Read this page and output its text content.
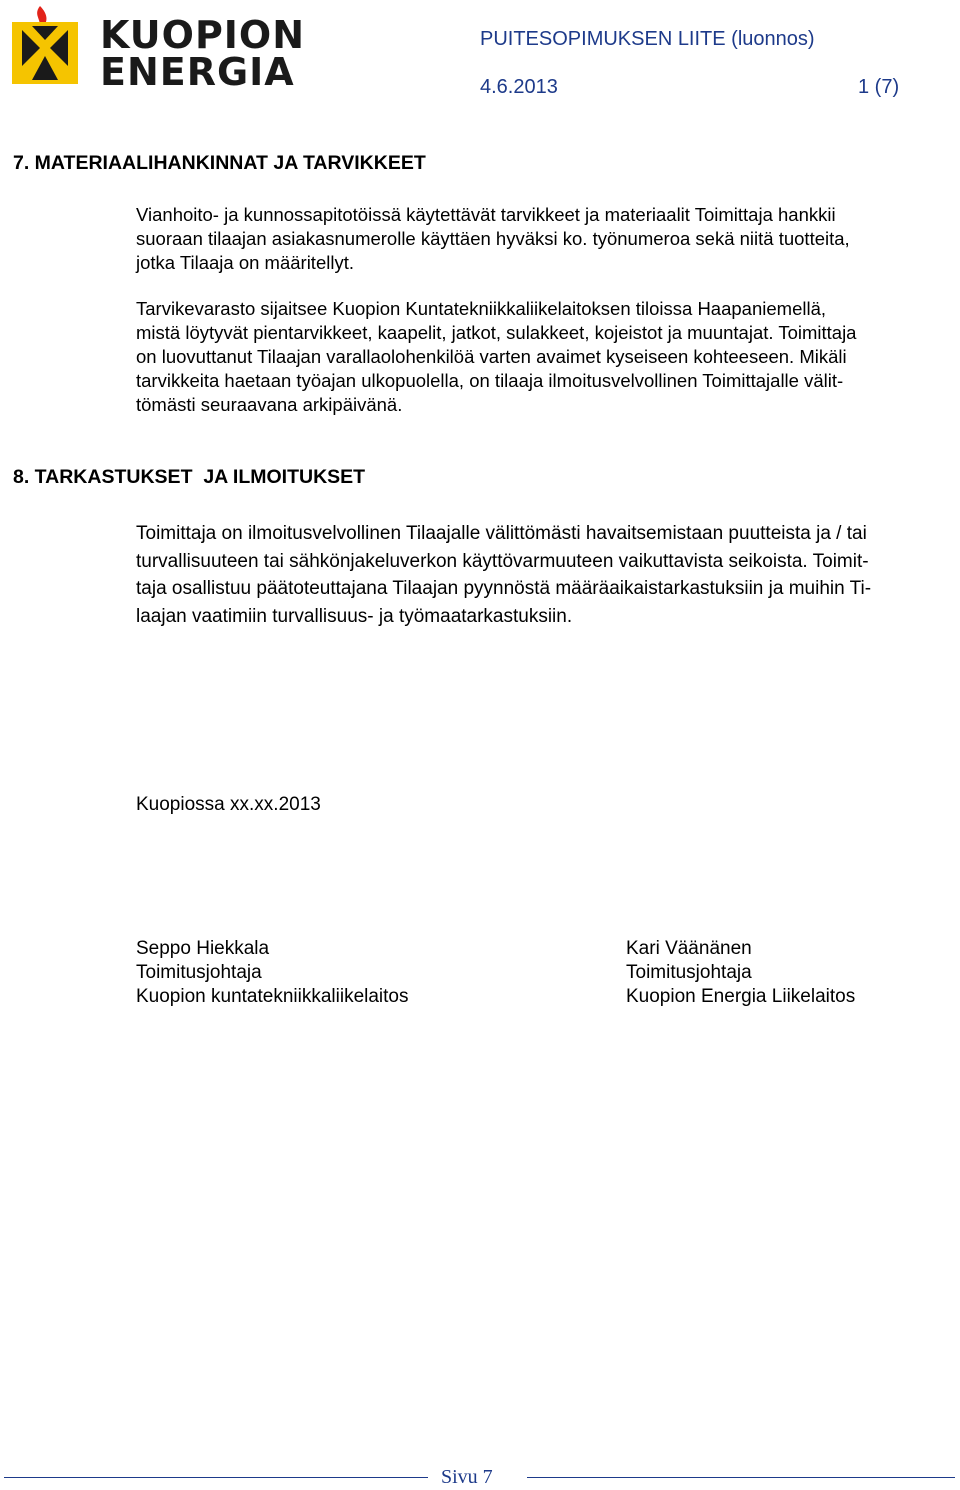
KUOPION
ENERGIA
PUITESOPIMUKSEN LIITE (luonnos)
4.6.2013	1 (7)
7. MATERIAALIHANKINNAT JA TARVIKKEET

Vianhoito- ja kunnossapitotöissä käytettävät tarvikkeet ja materiaalit Toimittaja hankkii
suoraan tilaajan asiakasnumerolle käyttäen hyväksi ko. työnumeroa sekä niitä tuotteita,
jotka Tilaaja on määritellyt.

Tarvikevarasto sijaitsee Kuopion Kuntatekniikkaliikelaitoksen tiloissa Haapaniemellä,
mistä löytyvät pientarvikkeet, kaapelit, jatkot, sulakkeet, kojeistot ja muuntajat. Toimittaja
on luovuttanut Tilaajan varallaolohenkilöä varten avaimet kyseiseen kohteeseen. Mikäli
tarvikkeita haetaan työajan ulkopuolella, on tilaaja ilmoitusvelvollinen Toimittajalle välit-
tömästi seuraavana arkipäivänä.

8. TARKASTUKSET  JA ILMOITUKSET

Toimittaja on ilmoitusvelvollinen Tilaajalle välittömästi havaitsemistaan puutteista ja / tai
turvallisuuteen tai sähkönjakeluverkon käyttövarmuuteen vaikuttavista seikoista. Toimit-
taja osallistuu päätoteuttajana Tilaajan pyynnöstä määräaikaistarkastuksiin ja muihin Ti-
laajan vaatimiin turvallisuus- ja työmaatarkastuksiin.

Kuopiossa xx.xx.2013
Seppo Hiekkala
Toimitusjohtaja
Kuopion kuntatekniikkaliikelaitos
Kari Väänänen
Toimitusjohtaja
Kuopion Energia Liikelaitos
Sivu 7
